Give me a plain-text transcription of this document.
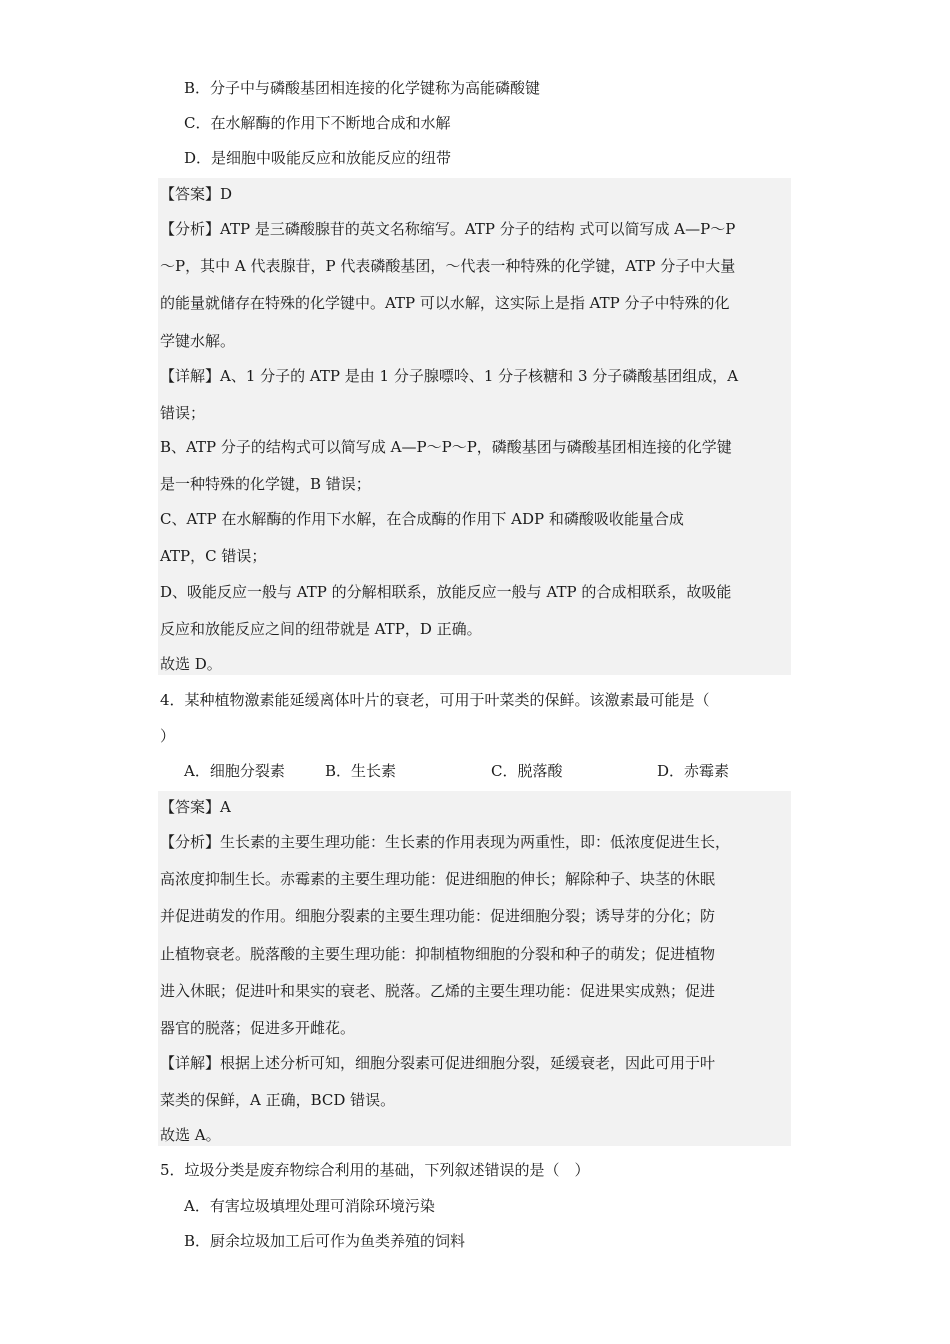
B．分子中与磷酸基团相连接的化学键称为高能磷酸键
C．在水解酶的作用下不断地合成和水解
D．是细胞中吸能反应和放能反应的纽带
【答案】D
【分析】ATP 是三磷酸腺苷的英文名称缩写。ATP 分子的结构 式可以简写成 A—P～P
～P，其中 A 代表腺苷，P 代表磷酸基团，～代表一种特殊的化学键，ATP 分子中大量
的能量就储存在特殊的化学键中。ATP 可以水解，这实际上是指 ATP 分子中特殊的化
学键水解。
【详解】A、1 分子的 ATP 是由 1 分子腺嘌呤、1 分子核糖和 3 分子磷酸基团组成，A
错误；
B、ATP 分子的结构式可以简写成 A—P～P～P，磷酸基团与磷酸基团相连接的化学键
是一种特殊的化学键，B 错误；
C、ATP 在水解酶的作用下水解，在合成酶的作用下 ADP 和磷酸吸收能量合成
ATP，C 错误；
D、吸能反应一般与 ATP 的分解相联系，放能反应一般与 ATP 的合成相联系，故吸能
反应和放能反应之间的纽带就是 ATP，D 正确。
故选 D。
4．某种植物激素能延缓离体叶片的衰老，可用于叶菜类的保鲜。该激素最可能是（
）
A．细胞分裂素	B．生长素	C．脱落酸	D．赤霉素
【答案】A
【分析】生长素的主要生理功能：生长素的作用表现为两重性，即：低浓度促进生长，
高浓度抑制生长。赤霉素的主要生理功能：促进细胞的伸长；解除种子、块茎的休眠
并促进萌发的作用。细胞分裂素的主要生理功能：促进细胞分裂；诱导芽的分化；防
止植物衰老。脱落酸的主要生理功能：抑制植物细胞的分裂和种子的萌发；促进植物
进入休眠；促进叶和果实的衰老、脱落。乙烯的主要生理功能：促进果实成熟；促进
器官的脱落；促进多开雌花。
【详解】根据上述分析可知，细胞分裂素可促进细胞分裂，延缓衰老，因此可用于叶
菜类的保鲜，A 正确，BCD 错误。
故选 A。
5．垃圾分类是废弃物综合利用的基础，下列叙述错误的是（　）
A．有害垃圾填埋处理可消除环境污染
B．厨余垃圾加工后可作为鱼类养殖的饲料
